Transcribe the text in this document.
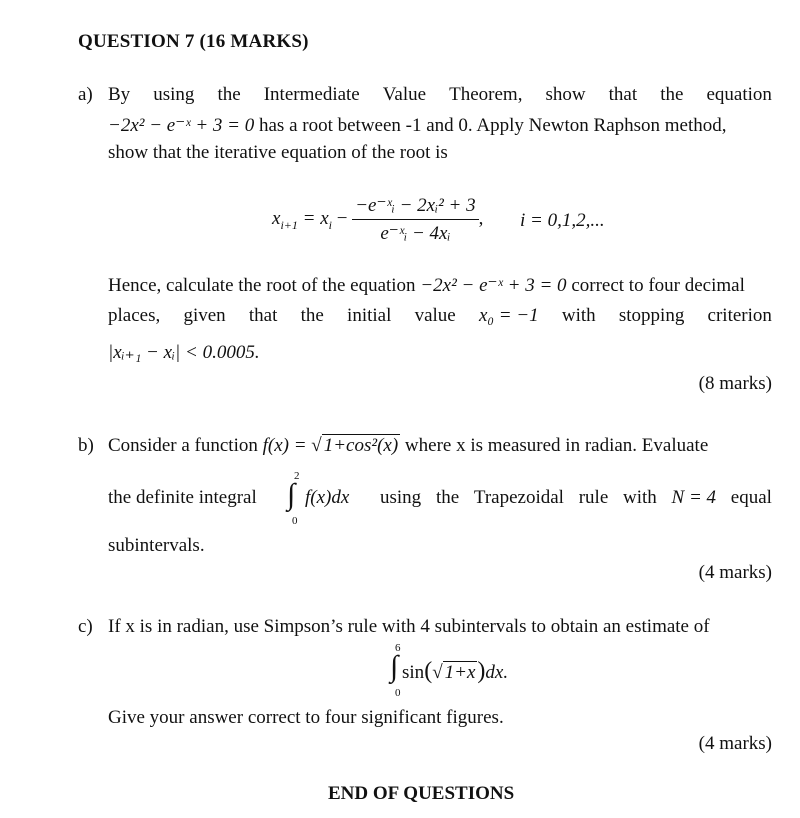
QUESTION 7 (16 MARKS)
a) By using the Intermediate Value Theorem, show that the equation
−2x² − e⁻ˣ + 3 = 0 has a root between -1 and 0. Apply Newton Raphson method,
show that the iterative equation of the root is
$x_{i+1} = x_i - \frac{\text{−e⁻ˣᵢ − 2xᵢ² + 3}}{\text{e⁻ˣᵢ − 4xᵢ}}$ , i = 0,1,2,...
Hence, calculate the root of the equation −2x² − e⁻ˣ + 3 = 0 correct to four decimal
places, given that the initial value x₀ = −1 with stopping criterion
|xᵢ₊₁ − xᵢ| < 0.0005.
(8 marks)
b) Consider a function f(x) = √ 1+cos²(x) where x is measured in radian. Evaluate
the definite integral
2
∫
0
f(x)dx using the Trapezoidal rule with N = 4 equal
subintervals.
(4 marks)
c) If x is in radian, use Simpson’s rule with 4 subintervals to obtain an estimate of
6
∫
0
sin(√ 1+x)dx.
Give your answer correct to four significant figures.
(4 marks)
END OF QUESTIONS
